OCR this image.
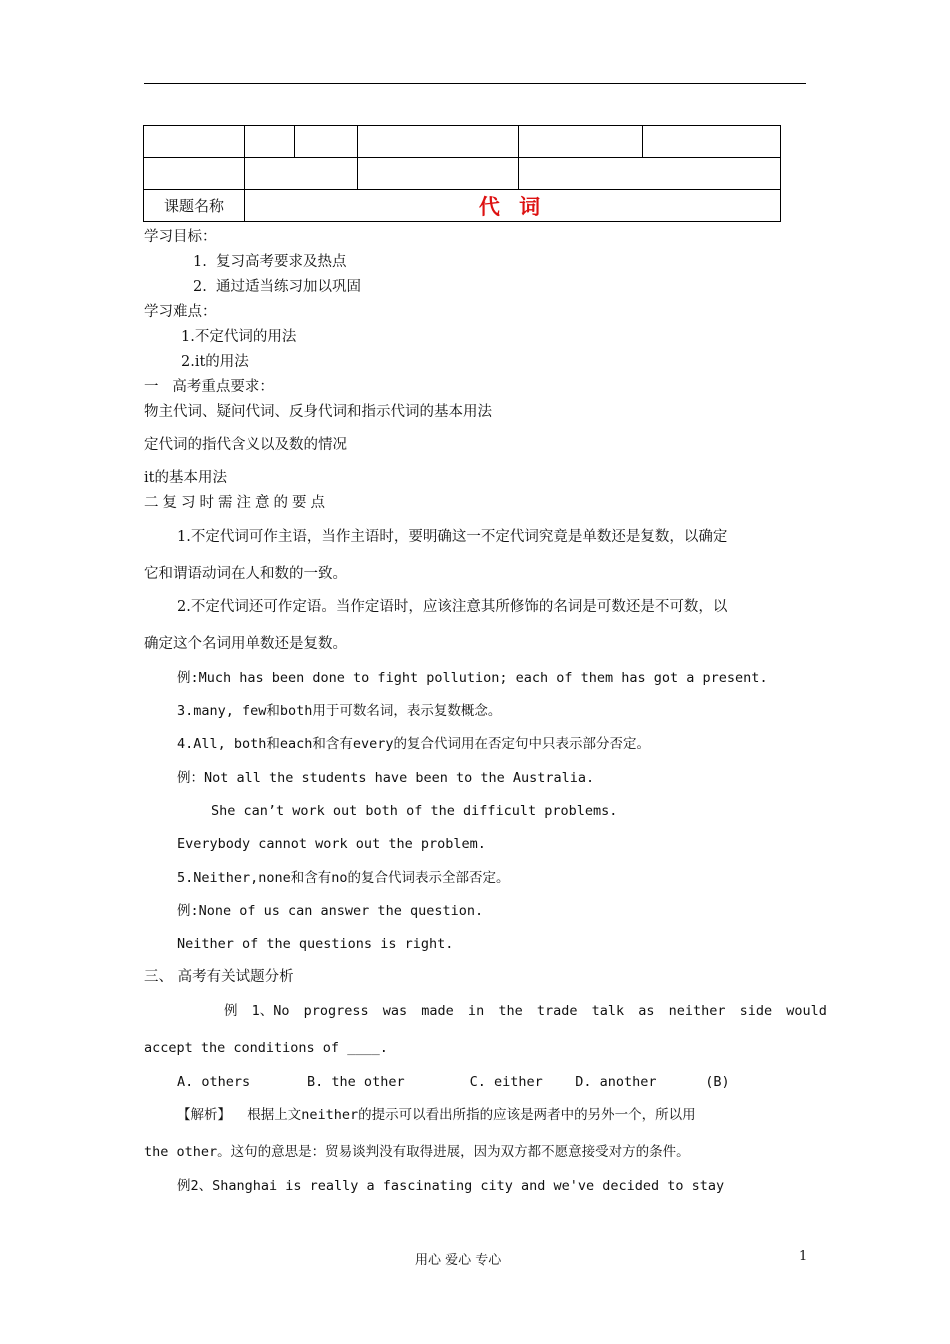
课题名称	代 词				
学习目标：
1.  复习高考要求及热点
2.  通过适当练习加以巩固
学习难点：
1.不定代词的用法
2.it的用法
一   高考重点要求：
物主代词、疑问代词、反身代词和指示代词的基本用法
定代词的指代含义以及数的情况
it的基本用法
二复习时需注意的要点
1.不定代词可作主语，当作主语时，要明确这一不定代词究竟是单数还是复数，以确定
它和谓语动词在人和数的一致。
2.不定代词还可作定语。当作定语时，应该注意其所修饰的名词是可数还是不可数，以
确定这个名词用单数还是复数。
例:Much has been done to fight pollution; each of them has got a present.
3.many, few和both用于可数名词，表示复数概念。
4.All, both和each和含有every的复合代词用在否定句中只表示部分否定。
例：Not all the students have been to the Australia.
She can’t work out both of the difficult problems.
Everybody cannot work out the problem.
5.Neither,none和含有no的复合代词表示全部否定。
例:None of us can answer the question.
Neither of the questions is right.
三、 高考有关试题分析
例 1、No progress was made in the trade talk as neither side would
accept the conditions of ____.
A. others       B. the other        C. either    D. another      (B)
【解析】  根据上文neither的提示可以看出所指的应该是两者中的另外一个，所以用
the other。这句的意思是：贸易谈判没有取得进展，因为双方都不愿意接受对方的条件。
例2、Shanghai is really a fascinating city and we've decided to stay
用心 爱心 专心	1
